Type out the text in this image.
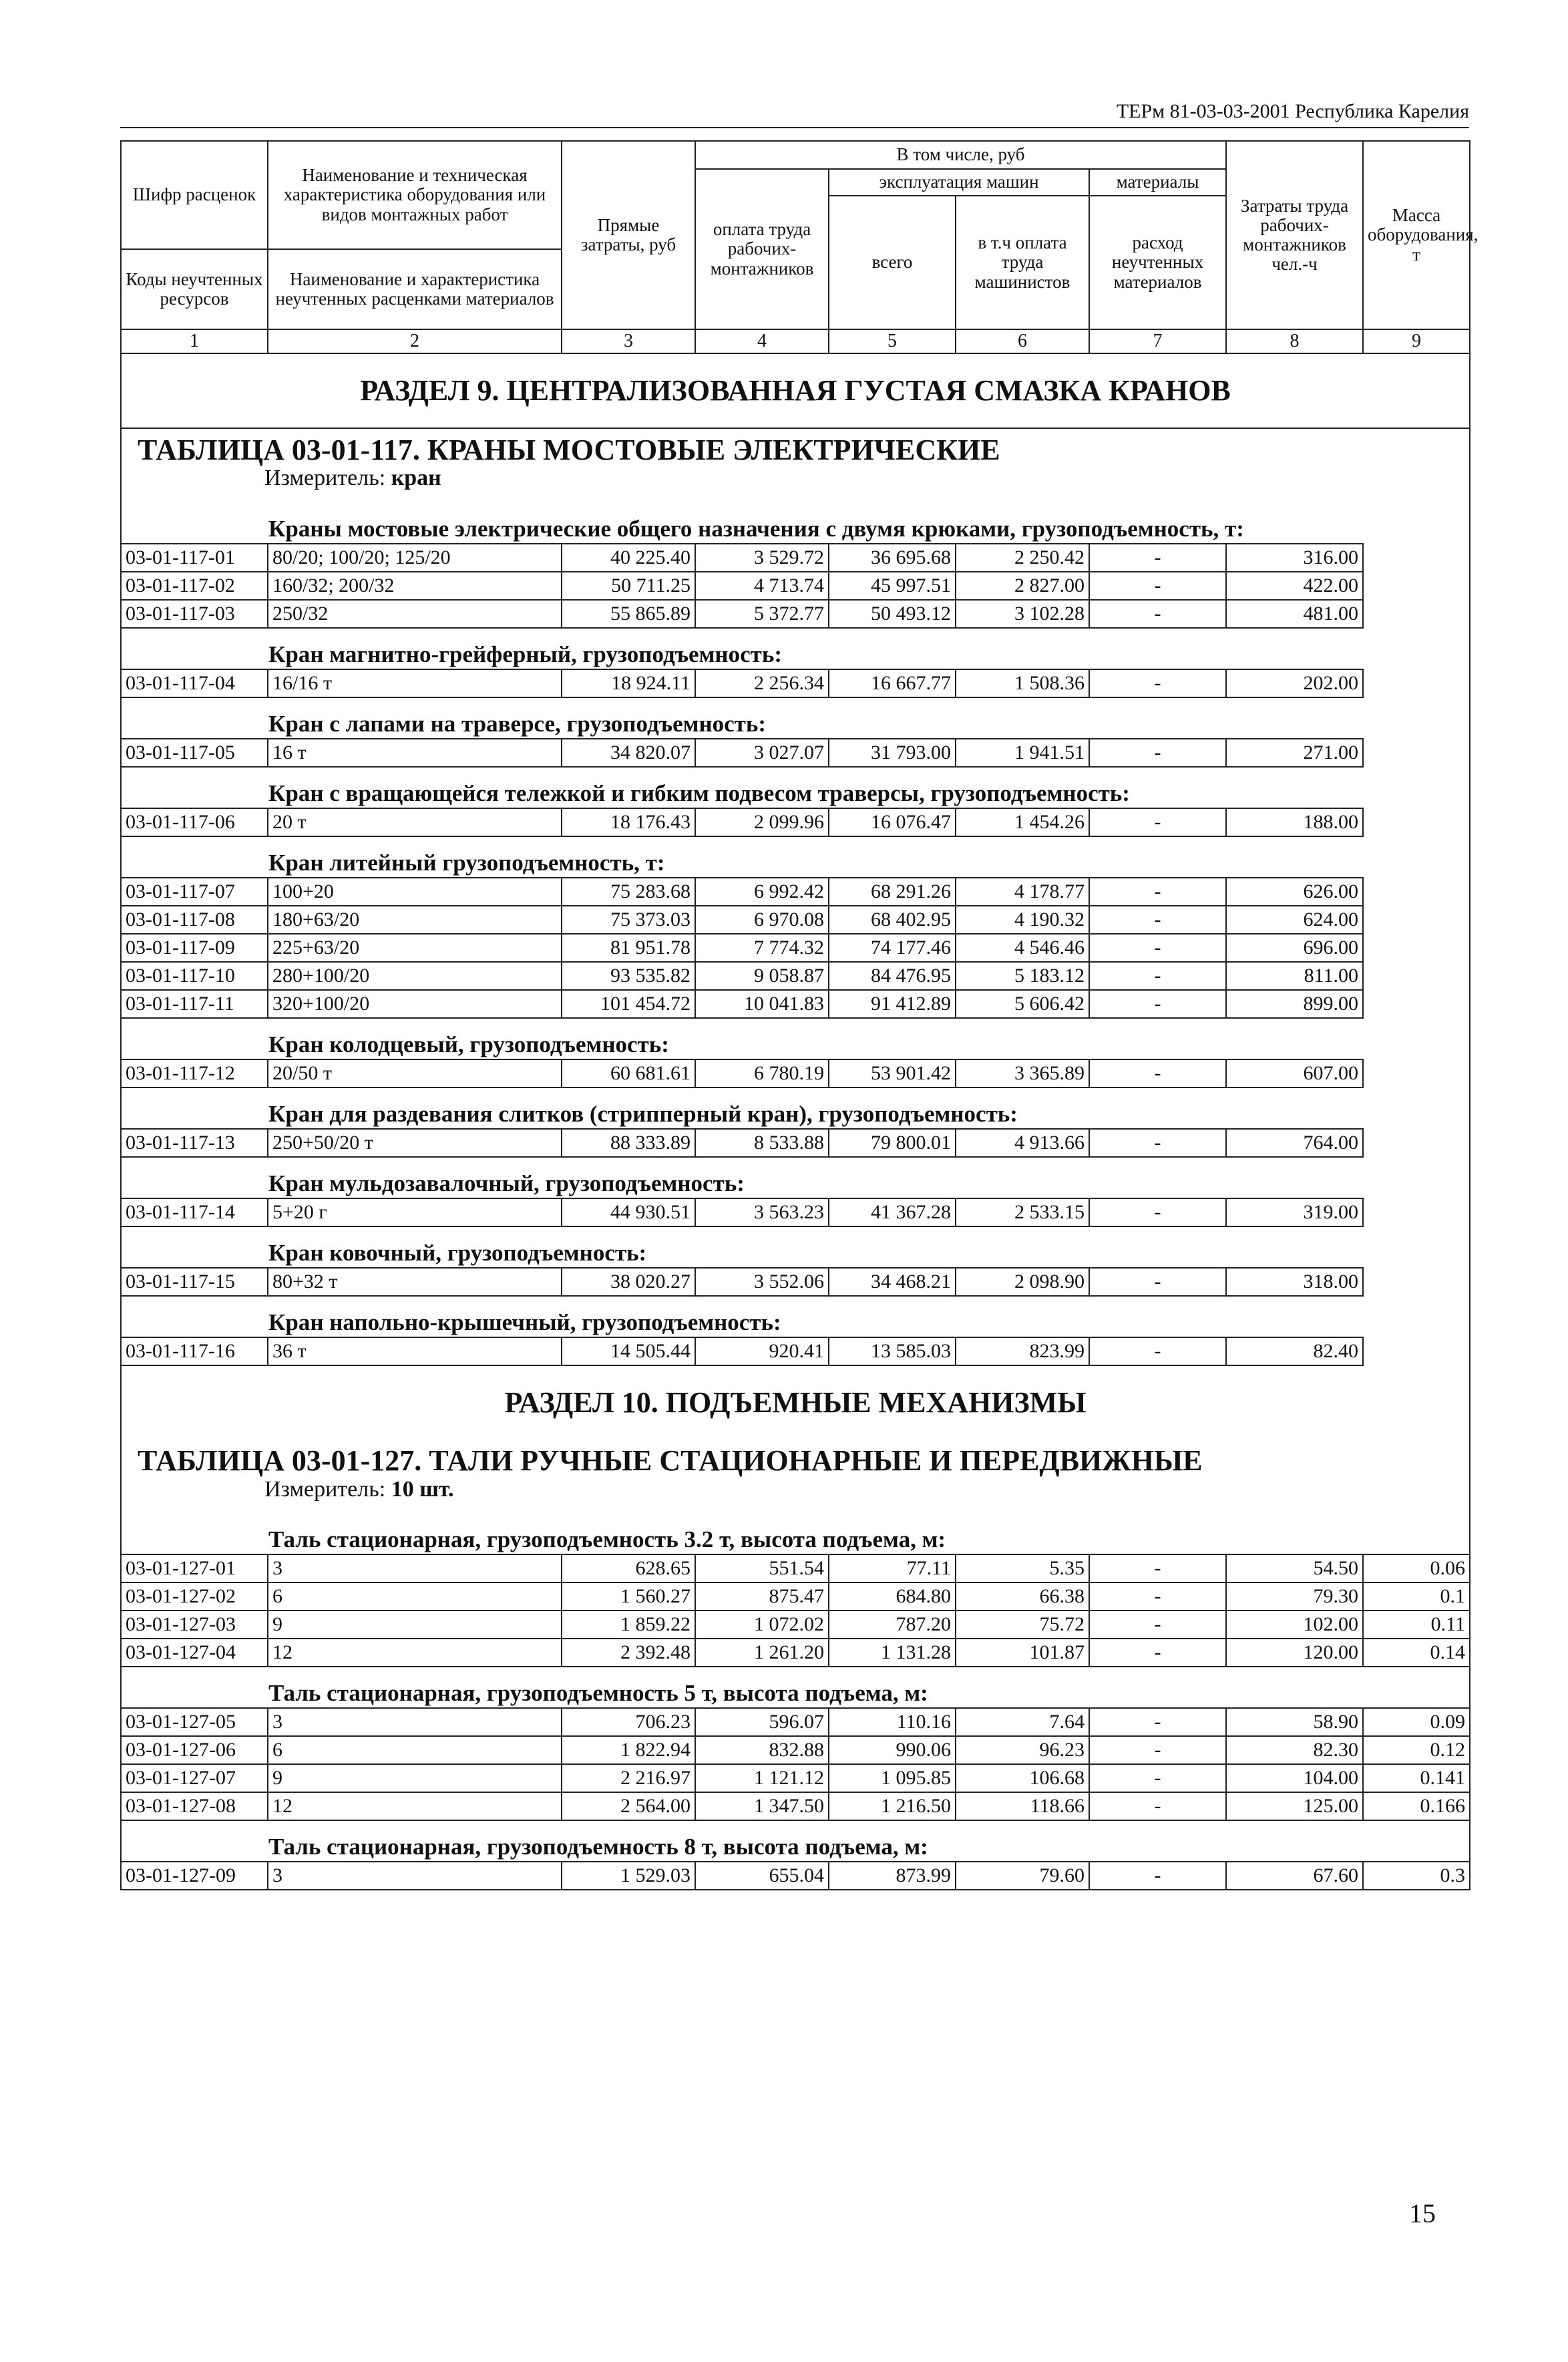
ТЕРм 81-03-03-2001 Республика Карелия
Шифр расценок	Наименование и техническая характеристика оборудования или видов монтажных работ	Прямые затраты, руб	В том числе, руб				Затраты труда рабочих-монтажников чел.-ч	Масса оборудования, т
			оплата труда рабочих-монтажников	эксплуатация машин		материалы		
				всего	в т.ч оплата труда машинистов	расход неучтенных материалов		
Коды неучтенных ресурсов	Наименование и характеристика неучтенных расценками материалов							

1	2	3	4	5	6	7	8	9
РАЗДЕЛ 9. ЦЕНТРАЛИЗОВАННАЯ ГУСТАЯ СМАЗКА КРАНОВ								

ТАБЛИЦА 03-01-117. КРАНЫ МОСТОВЫЕ ЭЛЕКТРИЧЕСКИЕ
Измеритель: кран								

Краны мостовые электрические общего назначения с двумя крюками, грузоподъемность, т:								
03-01-117-01	80/20; 100/20; 125/20	40 225.40	3 529.72	36 695.68	2 250.42	-	316.00	
03-01-117-02	160/32; 200/32	50 711.25	4 713.74	45 997.51	2 827.00	-	422.00	
03-01-117-03	250/32	55 865.89	5 372.77	50 493.12	3 102.28	-	481.00	
Кран магнитно-грейферный, грузоподъемность:								
03-01-117-04	16/16 т	18 924.11	2 256.34	16 667.77	1 508.36	-	202.00	
Кран с лапами на траверсе, грузоподъемность:								
03-01-117-05	16 т	34 820.07	3 027.07	31 793.00	1 941.51	-	271.00	
Кран с вращающейся тележкой и гибким подвесом траверсы, грузоподъемность:								
03-01-117-06	20 т	18 176.43	2 099.96	16 076.47	1 454.26	-	188.00	
Кран литейный грузоподъемность, т:								
03-01-117-07	100+20	75 283.68	6 992.42	68 291.26	4 178.77	-	626.00	
03-01-117-08	180+63/20	75 373.03	6 970.08	68 402.95	4 190.32	-	624.00	
03-01-117-09	225+63/20	81 951.78	7 774.32	74 177.46	4 546.46	-	696.00	
03-01-117-10	280+100/20	93 535.82	9 058.87	84 476.95	5 183.12	-	811.00	
03-01-117-11	320+100/20	101 454.72	10 041.83	91 412.89	5 606.42	-	899.00	
Кран колодцевый, грузоподъемность:								
03-01-117-12	20/50 т	60 681.61	6 780.19	53 901.42	3 365.89	-	607.00	
Кран для раздевания слитков (стрипперный кран), грузоподъемность:								
03-01-117-13	250+50/20 т	88 333.89	8 533.88	79 800.01	4 913.66	-	764.00	
Кран мульдозавалочный, грузоподъемность:								
03-01-117-14	5+20 г	44 930.51	3 563.23	41 367.28	2 533.15	-	319.00	
Кран ковочный, грузоподъемность:								
03-01-117-15	80+32 т	38 020.27	3 552.06	34 468.21	2 098.90	-	318.00	
Кран напольно-крышечный, грузоподъемность:								
03-01-117-16	36 т	14 505.44	920.41	13 585.03	823.99	-	82.40	
РАЗДЕЛ 10. ПОДЪЕМНЫЕ МЕХАНИЗМЫ								

ТАБЛИЦА 03-01-127. ТАЛИ РУЧНЫЕ СТАЦИОНАРНЫЕ И ПЕРЕДВИЖНЫЕ
Измеритель: 10 шт.								

Таль стационарная, грузоподъемность 3.2 т, высота подъема, м:								
03-01-127-01	3	628.65	551.54	77.11	5.35	-	54.50	0.06
03-01-127-02	6	1 560.27	875.47	684.80	66.38	-	79.30	0.1
03-01-127-03	9	1 859.22	1 072.02	787.20	75.72	-	102.00	0.11
03-01-127-04	12	2 392.48	1 261.20	1 131.28	101.87	-	120.00	0.14
Таль стационарная, грузоподъемность 5 т, высота подъема, м:								
03-01-127-05	3	706.23	596.07	110.16	7.64	-	58.90	0.09
03-01-127-06	6	1 822.94	832.88	990.06	96.23	-	82.30	0.12
03-01-127-07	9	2 216.97	1 121.12	1 095.85	106.68	-	104.00	0.141
03-01-127-08	12	2 564.00	1 347.50	1 216.50	118.66	-	125.00	0.166
Таль стационарная, грузоподъемность 8 т, высота подъема, м:								
03-01-127-09	3	1 529.03	655.04	873.99	79.60	-	67.60	0.3
15
